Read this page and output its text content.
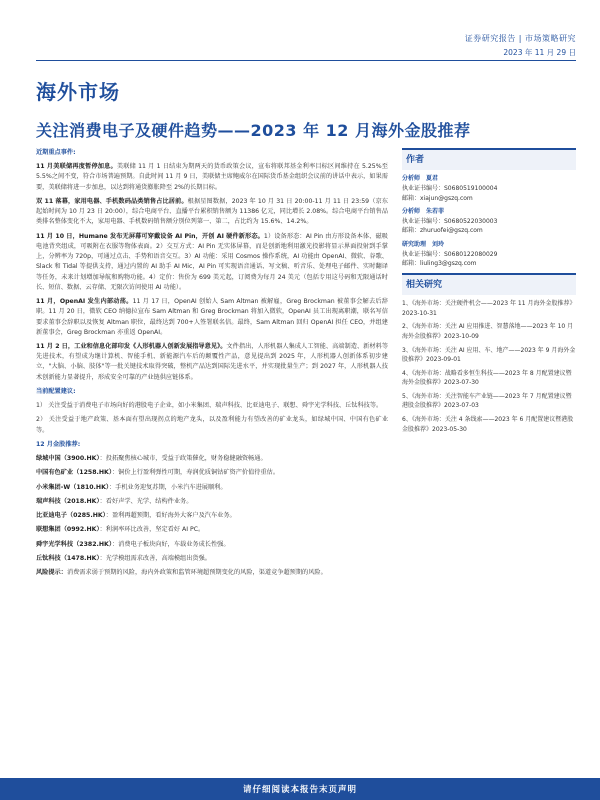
证券研究报告 | 市场策略研究
2023 年 11 月 29 日
海外市场
关注消费电子及硬件趋势——2023 年 12 月海外金股推荐

近期重点事件:

11 月美联储再度暂停加息。美联储 11 月 1 日结束为期两天的货币政策会议，宣布将联邦基金利率目标区间维持在 5.25%至 5.5%之间不变，符合市场普遍预期。自此时间 11 月 9 日，美联储主席鲍威尔在国际货币基金组织会议前的讲话中表示，如果需要，美联储将进一步加息，以达到将通货膨胀降至 2%的长期目标。

双 11 落幕，家用电器、手机数码品类销售占比居前。根据星图数据，2023 年 10 月 31 日 20:00-11 月 11 日 23:59（京东起始时间为 10 月 23 日 20:00），综合电商平台、直播平台累积销售额为 11386 亿元，同比增长 2.08%。综合电商平台销售品类排名整体变化不大，家用电器、手机数码销售额分别位列第一、第二，占比约为 15.6%、14.2%。

11 月 10 日，Humane 发布无屏幕可穿戴设备 AI Pin，开创 AI 硬件新形态。1）设备形态：AI Pin 由方形设备本体、磁吸电池背夹组成，可吸附在衣服等物体表面。2）交互方式：AI Pin 无实体屏幕，而是创新地利用激光投影将显示界面投射到手掌上，分辨率为 720p，可通过点击、手势和语音交互。3）AI 功能：采用 Cosmos 操作系统，AI 功能由 OpenAI、微软、谷歌、Slack 和 Tidal 等提供支持，通过内置的 AI 助手 AI Mic，AI Pin 可实现语音通话、写文稿、听音乐、处理电子邮件、实时翻译等任务，未来计划增加导航和购物功能。4）定价：售价为 699 美元起，订阅费为每月 24 美元（包括专用这号码和无限通话时长、短信、数据、云存储、无限次访问使用 AI 功能）。

11 月，OpenAI 发生内部动荡。11 月 17 日，OpenAI 创始人 Sam Altman 被解雇，Greg Brockman 被董事会解去后辞职。11 月 20 日，微软 CEO 纳德拉宣布 Sam Altman 和 Greg Brockman 将加入微软，OpenAI 员工出现离职潮，联名写信要求董事会辞职以及恢复 Altman 职位，最终达到 700+人签署联名信。最终，Sam Altman 回归 OpenAI 担任 CEO，并组建新董事会，Greg Brockman 亦重返 OpenAI。

11 月 2 日，工业和信息化部印发《人形机器人创新发展指导意见》。文件指出，人形机器人集成人工智能、高端制造、新材料等先进技术，有望成为继计算机、智能手机、新能源汽车后的颠覆性产品，意见提出到 2025 年，人形机器人创新体系初步建立，"大脑、小脑、肢体"等一批关键技术取得突破，整机产品达到国际先进水平，并实现批量生产；到 2027 年，人形机器人技术创新能力显著提升，形成安全可靠的产业链供应链体系。

当前配置建议:

1） 关注受益于消费电子市场向好的港股电子企业，如小米集团、瑞声科技、比亚迪电子、联想、舜宇光学科技、丘钛科技等。

2） 关注受益于地产政策、基本面有望出现拐点的地产龙头，以及盈利能力有望改善的矿业龙头，如绿城中国、中国有色矿业等。

12 月金股推荐:

绿城中国（3900.HK）：投拓聚焦核心城市，受益于政策催化，财务稳健融资畅通。

中国有色矿业（1258.HK）：铜价上行盈利弹性可期，寿润优质铜钴矿资产价值待重估。

小米集团-W（1810.HK）：手机业务迎复苏期，小米汽车进展顺利。

瑞声科技（2018.HK）：看好声学、光学、结构件业务。

比亚迪电子（0285.HK）：盈利再超预期，看好海外大客户及汽车业务。

联想集团（0992.HK）：利润率环比改善，坚定看好 AI PC。

舜宇光学科技（2382.HK）：消费电子板块向好，车载业务成长性强。

丘钛科技（1478.HK）：光学模组需求改善，高端模组出货强。

风险提示：消费需求弱于预期的风险，海内外政策和监管环境超预期变化的风险，渠道竞争超预期的风险。

作者
分析师 夏君
执业证书编号：S0680519100004
邮箱：xiajun@gszq.com
分析师 朱若菲
执业证书编号：S0680522030003
邮箱：zhuruofei@gszq.com
研究助理 刘玲
执业证书编号：S0680122080029
邮箱：liuling3@gszq.com
相关研究

1、《海外市场：关注硬件机会——2023 年 11 月海外金股推荐》2023-10-31

2、《海外市场：关注 AI 应用推进、智慧落地——2023 年 10 月海外金股推荐》2023-10-09

3、《海外市场：关注 AI 应用、车、地产——2023 年 9 月海外金股推荐》2023-09-01

4、《海外市场：战略看多恒生科技——2023 年 8 月配置建议暨海外金股推荐》2023-07-30

5、《海外市场：关注智能车产业链——2023 年 7 月配置建议暨港股金股推荐》2023-07-03

6、《海外市场：关注 4 条线索——2023 年 6 月配置建议暨港股金股推荐》2023-05-30

请仔细阅读本报告末页声明
